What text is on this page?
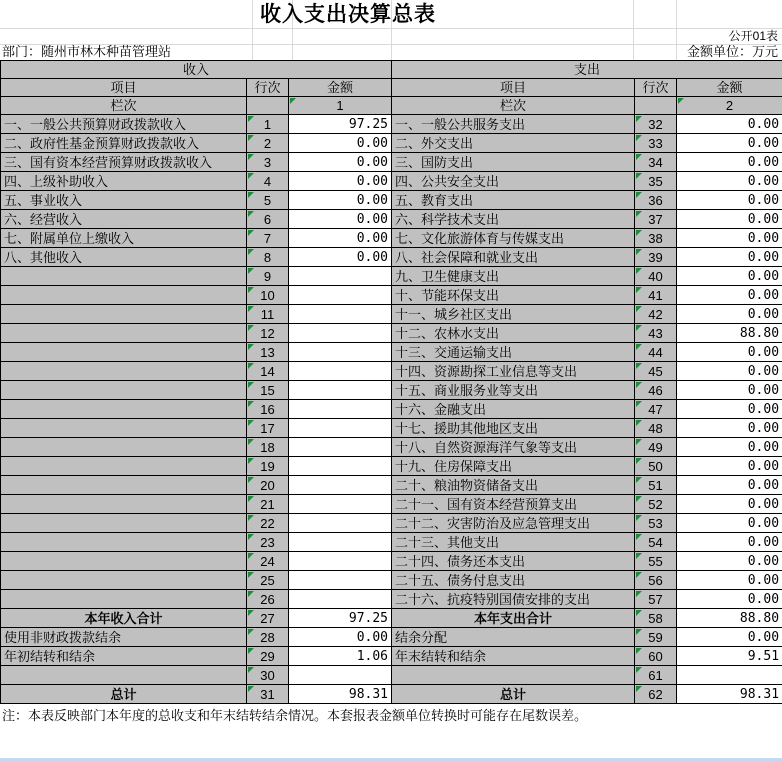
收入支出决算总表
公开01表
部门：随州市林木种苗管理站	金额单位：万元
收入			支出		
项目	行次	金额	项目	行次	金额
栏次		1	栏次		2
一、一般公共预算财政拨款收入	1	97.25	一、一般公共服务支出	32	0.00
二、政府性基金预算财政拨款收入	2	0.00	二、外交支出	33	0.00
三、国有资本经营预算财政拨款收入	3	0.00	三、国防支出	34	0.00
四、上级补助收入	4	0.00	四、公共安全支出	35	0.00
五、事业收入	5	0.00	五、教育支出	36	0.00
六、经营收入	6	0.00	六、科学技术支出	37	0.00
七、附属单位上缴收入	7	0.00	七、文化旅游体育与传媒支出	38	0.00
八、其他收入	8	0.00	八、社会保障和就业支出	39	0.00
	9		九、卫生健康支出	40	0.00
	10		十、节能环保支出	41	0.00
	11		十一、城乡社区支出	42	0.00
	12		十二、农林水支出	43	88.80
	13		十三、交通运输支出	44	0.00
	14		十四、资源勘探工业信息等支出	45	0.00
	15		十五、商业服务业等支出	46	0.00
	16		十六、金融支出	47	0.00
	17		十七、援助其他地区支出	48	0.00
	18		十八、自然资源海洋气象等支出	49	0.00
	19		十九、住房保障支出	50	0.00
	20		二十、粮油物资储备支出	51	0.00
	21		二十一、国有资本经营预算支出	52	0.00
	22		二十二、灾害防治及应急管理支出	53	0.00
	23		二十三、其他支出	54	0.00
	24		二十四、债务还本支出	55	0.00
	25		二十五、债务付息支出	56	0.00
	26		二十六、抗疫特别国债安排的支出	57	0.00
本年收入合计	27	97.25	本年支出合计	58	88.80
使用非财政拨款结余	28	0.00	结余分配	59	0.00
年初结转和结余	29	1.06	年末结转和结余	60	9.51
	30			61	
总计	31	98.31	总计	62	98.31
注：本表反映部门本年度的总收支和年末结转结余情况。本套报表金额单位转换时可能存在尾数误差。
